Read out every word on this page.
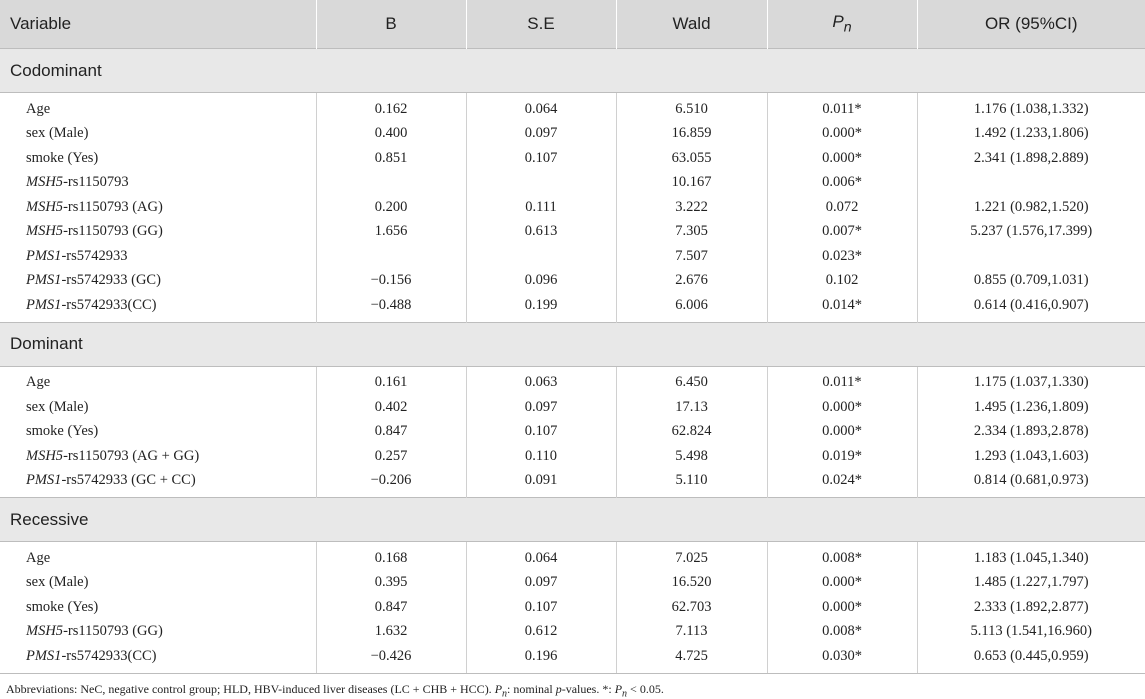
Variable	B	S.E	Wald	$P_n$	OR (95%CI)
Codominant					
Age	0.162	0.064	6.510	0.011*	1.176 (1.038,1.332)
sex (Male)	0.400	0.097	16.859	0.000*	1.492 (1.233,1.806)
smoke (Yes)	0.851	0.107	63.055	0.000*	2.341 (1.898,2.889)
MSH5-rs1150793			10.167	0.006*	
MSH5-rs1150793 (AG)	0.200	0.111	3.222	0.072	1.221 (0.982,1.520)
MSH5-rs1150793 (GG)	1.656	0.613	7.305	0.007*	5.237 (1.576,17.399)
PMS1-rs5742933			7.507	0.023*	
PMS1-rs5742933 (GC)	−0.156	0.096	2.676	0.102	0.855 (0.709,1.031)
PMS1-rs5742933(CC)	−0.488	0.199	6.006	0.014*	0.614 (0.416,0.907)
Dominant					
Age	0.161	0.063	6.450	0.011*	1.175 (1.037,1.330)
sex (Male)	0.402	0.097	17.13	0.000*	1.495 (1.236,1.809)
smoke (Yes)	0.847	0.107	62.824	0.000*	2.334 (1.893,2.878)
MSH5-rs1150793 (AG + GG)	0.257	0.110	5.498	0.019*	1.293 (1.043,1.603)
PMS1-rs5742933 (GC + CC)	−0.206	0.091	5.110	0.024*	0.814 (0.681,0.973)
Recessive					
Age	0.168	0.064	7.025	0.008*	1.183 (1.045,1.340)
sex (Male)	0.395	0.097	16.520	0.000*	1.485 (1.227,1.797)
smoke (Yes)	0.847	0.107	62.703	0.000*	2.333 (1.892,2.877)
MSH5-rs1150793 (GG)	1.632	0.612	7.113	0.008*	5.113 (1.541,16.960)
PMS1-rs5742933(CC)	−0.426	0.196	4.725	0.030*	0.653 (0.445,0.959)

Abbreviations: NeC, negative control group; HLD, HBV-induced liver diseases (LC + CHB + HCC). $P_n$: nominal p-values. *: $P_n < 0.05$.
